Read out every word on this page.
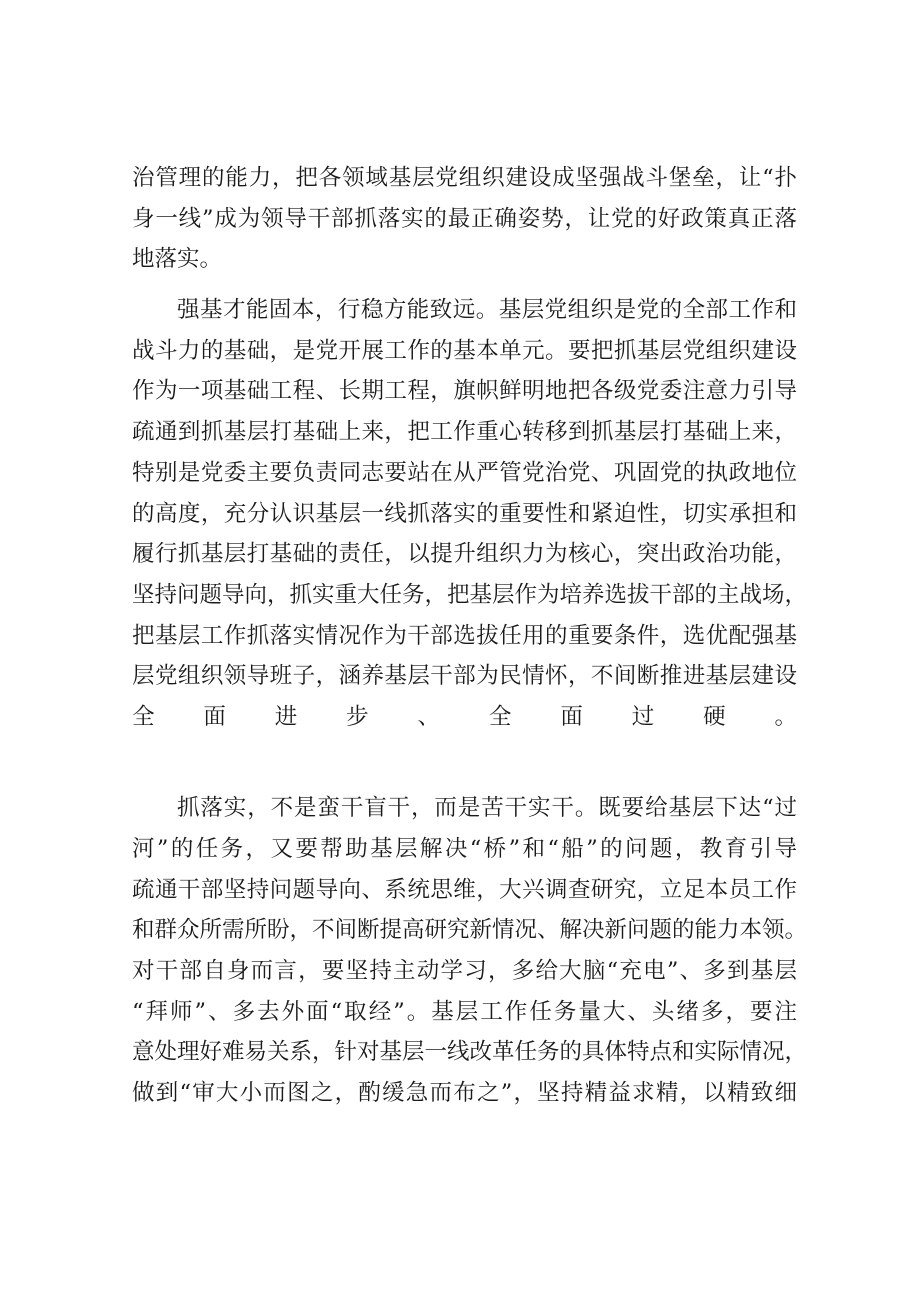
治管理的能力，把各领域基层党组织建设成坚强战斗堡垒，让“扑
身一线”成为领导干部抓落实的最正确姿势，让党的好政策真正落
地落实。
强基才能固本，行稳方能致远。基层党组织是党的全部工作和
战斗力的基础，是党开展工作的基本单元。要把抓基层党组织建设
作为一项基础工程、长期工程，旗帜鲜明地把各级党委注意力引导
疏通到抓基层打基础上来，把工作重心转移到抓基层打基础上来，
特别是党委主要负责同志要站在从严管党治党、巩固党的执政地位
的高度，充分认识基层一线抓落实的重要性和紧迫性，切实承担和
履行抓基层打基础的责任，以提升组织力为核心，突出政治功能，
坚持问题导向，抓实重大任务，把基层作为培养选拔干部的主战场，
把基层工作抓落实情况作为干部选拔任用的重要条件，选优配强基
层党组织领导班子，涵养基层干部为民情怀，不间断推进基层建设
全面进步、全面过硬。
抓落实，不是蛮干盲干，而是苦干实干。既要给基层下达“过
河”的任务，又要帮助基层解决“桥”和“船”的问题，教育引导
疏通干部坚持问题导向、系统思维，大兴调查研究，立足本员工作
和群众所需所盼，不间断提高研究新情况、解决新问题的能力本领。
对干部自身而言，要坚持主动学习，多给大脑“充电”、多到基层
“拜师”、多去外面“取经”。基层工作任务量大、头绪多，要注
意处理好难易关系，针对基层一线改革任务的具体特点和实际情况，
做到“审大小而图之，酌缓急而布之”，坚持精益求精，以精致细
